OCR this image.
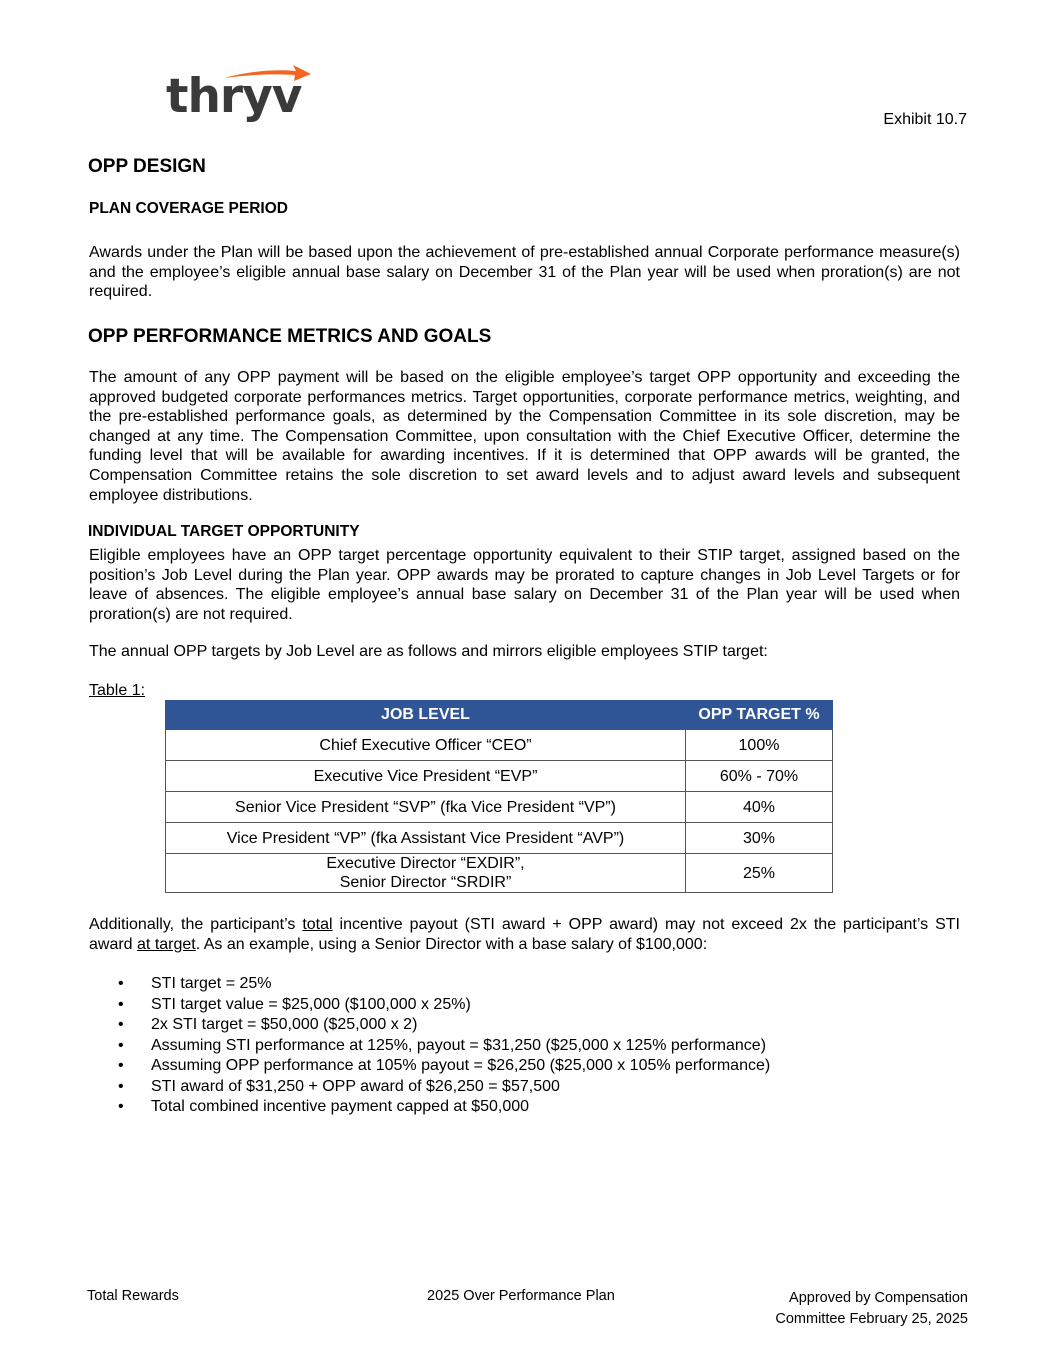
thryv	Exhibit 10.7
OPP DESIGN
PLAN COVERAGE PERIOD

Awards under the Plan will be based upon the achievement of pre-established annual Corporate performance measure(s) and the employee’s eligible annual base salary on December 31 of the Plan year will be used when proration(s) are not required.

OPP PERFORMANCE METRICS AND GOALS

The amount of any OPP payment will be based on the eligible employee’s target OPP opportunity and exceeding the approved budgeted corporate performances metrics. Target opportunities, corporate performance metrics, weighting, and the pre-established performance goals, as determined by the Compensation Committee in its sole discretion, may be changed at any time. The Compensation Committee, upon consultation with the Chief Executive Officer, determine the funding level that will be available for awarding incentives. If it is determined that OPP awards will be granted, the Compensation Committee retains the sole discretion to set award levels and to adjust award levels and subsequent employee distributions.

INDIVIDUAL TARGET OPPORTUNITY

Eligible employees have an OPP target percentage opportunity equivalent to their STIP target, assigned based on the position’s Job Level during the Plan year. OPP awards may be prorated to capture changes in Job Level Targets or for leave of absences. The eligible employee’s annual base salary on December 31 of the Plan year will be used when proration(s) are not required.

The annual OPP targets by Job Level are as follows and mirrors eligible employees STIP target:

Table 1:
JOB LEVEL	OPP TARGET %
Chief Executive Officer “CEO”	100%
Executive Vice President “EVP”	60% - 70%
Senior Vice President “SVP” (fka Vice President “VP”)	40%
Vice President “VP” (fka Assistant Vice President “AVP”)	30%

Executive Director “EXDIR”,
Senior Director “SRDIR”	25%

Additionally, the participant’s total incentive payout (STI award + OPP award) may not exceed 2x the participant’s STI award at target. As an example, using a Senior Director with a base salary of $100,000:

• STI target = 25%
• STI target value = $25,000 ($100,000 x 25%)
• 2x STI target = $50,000 ($25,000 x 2)
• Assuming STI performance at 125%, payout = $31,250 ($25,000 x 125% performance)
• Assuming OPP performance at 105% payout = $26,250 ($25,000 x 105% performance)
• STI award of $31,250 + OPP award of $26,250 = $57,500
• Total combined incentive payment capped at $50,000
Total Rewards	2025 Over Performance Plan	Approved by Compensation
Committee February 25, 2025
